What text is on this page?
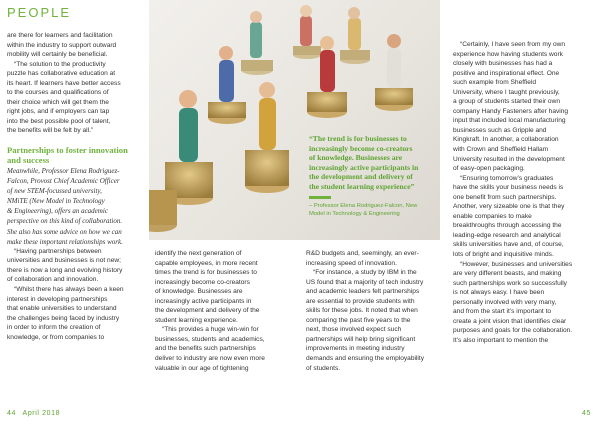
PEOPLE

are there for learners and facilitation
within the industry to support outward
mobility will certainly be beneficial.

“The solution to the productivity
puzzle has collaborative education at
its heart. If learners have better access
to the courses and qualifications of
their choice which will get them the
right jobs, and if employers can tap
into the best possible pool of talent,
the benefits will be felt by all.”

Partnerships to foster innovation
and success
Meanwhile, Professor Elena Rodriguez-
Falcon, Provost Chief Academic Officer
of new STEM-focussed university,
NMiTE (New Model in Technology
& Engineering), offers an academic
perspective on this kind of collaboration.
She also has some advice on how we can
make these important relationships work.

“Having partnerships between
universities and businesses is not new;
there is now a long and evolving history
of collaboration and innovation.

“Whilst there has always been a keen
interest in developing partnerships
that enable universities to understand
the challenges being faced by industry
in order to inform the creation of
knowledge, or from companies to

identify the next generation of
capable employees, in more recent
times the trend is for businesses to
increasingly become co-creators
of knowledge. Businesses are
increasingly active participants in
the development and delivery of the
student learning experience.

“This provides a huge win-win for
businesses, students and academics,
and the benefits such partnerships
deliver to industry are now even more
valuable in our age of tightening

R&D budgets and, seemingly, an ever-
increasing speed of innovation.

“For instance, a study by IBM in the
US found that a majority of tech industry
and academic leaders felt partnerships
are essential to provide students with
skills for these jobs. It noted that when
comparing the past five years to the
next, those involved expect such
partnerships will help bring significant
improvements in meeting industry
demands and ensuring the employability
of students.

“The trend is for businesses to
increasingly become co-creators
of knowledge. Businesses are
increasingly active participants in
the development and delivery of
the student learning experience”
– Professor Elena Rodriguez-Falcon, New
Model in Technology & Engineering

“Certainly, I have seen from my own
experience how having students work
closely with businesses has had a
positive and inspirational effect. One
such example from Sheffield
University, where I taught previously,
a group of students started their own
company Handy Fasteners after having
input that included local manufacturing
businesses such as Gripple and
Kingkraft. In another, a collaboration
with Crown and Sheffield Hallam
University resulted in the development
of easy-open packaging.

“Ensuring tomorrow’s graduates
have the skills your business needs is
one benefit from such partnerships.
Another, very sizeable one is that they
enable companies to make
breakthroughs through accessing the
leading-edge research and analytical
skills universities have and, of course,
lots of bright and inquisitive minds.

“However, businesses and universities
are very different beasts, and making
such partnerships work so successfully
is not always easy. I have been
personally involved with very many,
and from the start it’s important to
create a joint vision that identifies clear
purposes and goals for the collaboration.
It’s also important to mention the

44 April 2018	45
